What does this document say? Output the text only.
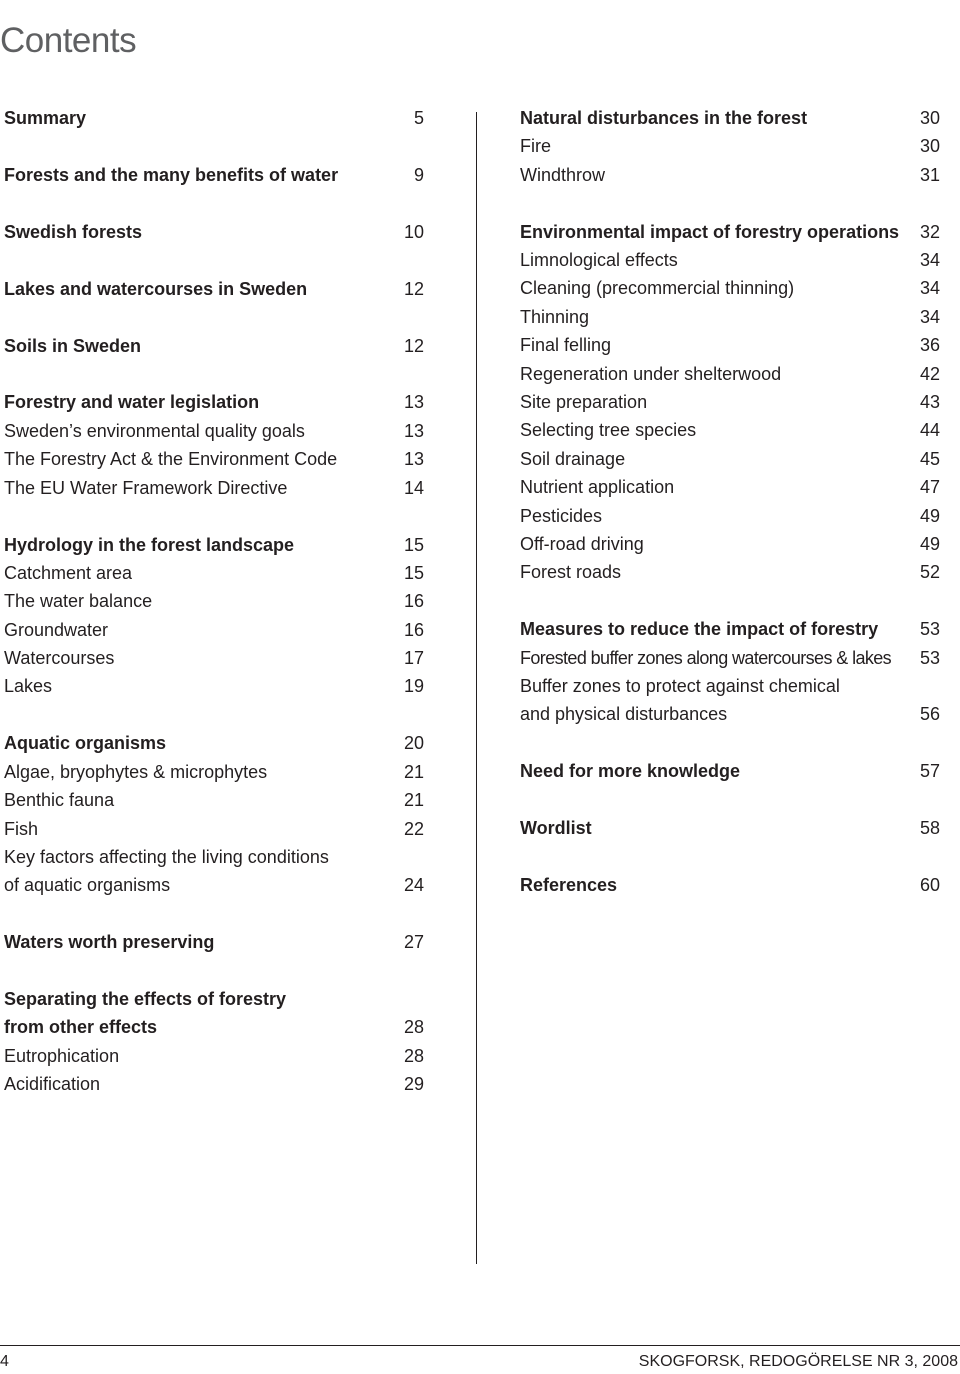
Contents
Summary	5
Forests and the many benefits of water	9
Swedish forests	10
Lakes and watercourses in Sweden	12
Soils in Sweden	12
Forestry and water legislation	13
Sweden’s environmental quality goals	13
The Forestry Act & the Environment Code	13
The EU Water Framework Directive	14
Hydrology in the forest landscape	15
Catchment area	15
The water balance	16
Groundwater	16
Watercourses	17
Lakes	19
Aquatic organisms	20
Algae, bryophytes & microphytes	21
Benthic fauna	21
Fish	22
Key factors affecting the living conditions
of aquatic organisms	24
Waters worth preserving	27
Separating the effects of forestry
from other effects	28
Eutrophication	28
Acidification	29
Natural disturbances in the forest	30
Fire	30
Windthrow	31
Environmental impact of forestry operations	32
Limnological effects	34
Cleaning (precommercial thinning)	34
Thinning	34
Final felling	36
Regeneration under shelterwood	42
Site preparation	43
Selecting tree species	44
Soil drainage	45
Nutrient application	47
Pesticides	49
Off-road driving	49
Forest roads	52
Measures to reduce the impact of forestry	53
Forested buffer zones along watercourses & lakes	53
Buffer zones to protect against chemical
and physical disturbances	56
Need for more knowledge	57
Wordlist	58
References	60
4	SKOGFORSK, REDOGÖRELSE NR 3, 2008
